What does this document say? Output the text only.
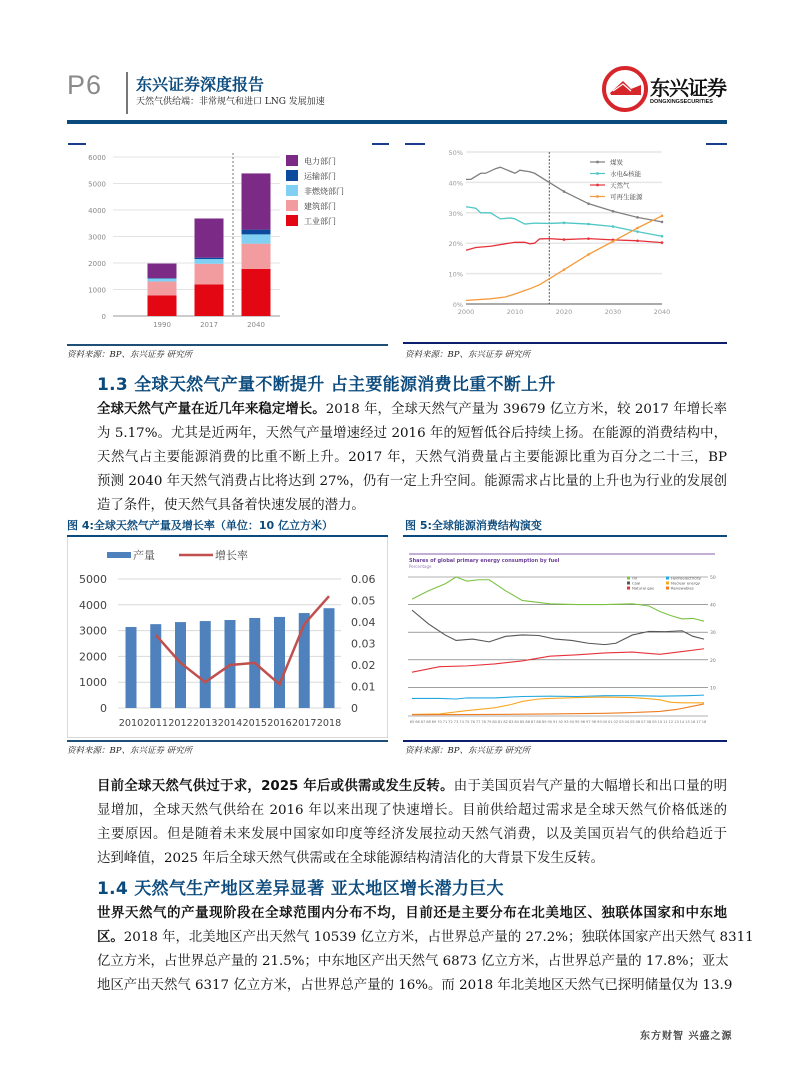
P6 东兴证券深度报告
天然气供给端：非常规气和进口 LNG 发展加速
东兴证券
DONGXINGSECURITIES
0
1000
2000
3000
4000
5000
6000
1990	2017	2040
电力部门
运输部门
非燃烧部门
建筑部门
工业部门
0%
10%
20%
30%
40%
50%
2000	2010	2020	2030	2040
煤炭
水电&核能
天然气
可再生能源
资料来源：BP、东兴证券 研究所	资料来源：BP、东兴证券 研究所
1.3 全球天然气产量不断提升 占主要能源消费比重不断上升
全球天然气产量在近几年来稳定增长。2018 年，全球天然气产量为 39679 亿立方米，较 2017 年增长率
为 5.17%。尤其是近两年，天然气产量增速经过 2016 年的短暂低谷后持续上扬。在能源的消费结构中，
天然气占主要能源消费的比重不断上升。2017 年，天然气消费量占主要能源比重为百分之二十三，BP
预测 2040 年天然气消费占比将达到 27%，仍有一定上升空间。能源需求占比量的上升也为行业的发展创
造了条件，使天然气具备着快速发展的潜力。
图 4:全球天然气产量及增长率（单位：10 亿立方米）	图 5:全球能源消费结构演变
0
1000
2000
3000
4000
5000
0
0.01
0.02
0.03
0.04
0.05
0.06
2010 2011 2012 2013 2014 2015 2016 2017 2018
产量	增长率	Shares of global primary energy consumption by fuel
Percentage
10
20
30
40
50
65 66 67 68 69 70 71 72 73 74 75 76 77 78 79 80 81 82 83 84 85 86 87 88 89 90 91 92 93 94 95 96 97 98 99 00 01 02 03 04 05 06 07 08 09 10 11 12 13 14 15 16 17 18
Oil
Coal
Natural gas
Hydroelectricity
Nuclear energy
Renewables
资料来源：BP、东兴证券 研究所	资料来源：BP、东兴证券 研究所
目前全球天然气供过于求，2025 年后或供需或发生反转。由于美国页岩气产量的大幅增长和出口量的明
显增加，全球天然气供给在 2016 年以来出现了快速增长。目前供给超过需求是全球天然气价格低迷的
主要原因。但是随着未来发展中国家如印度等经济发展拉动天然气消费，以及美国页岩气的供给趋近于
达到峰值，2025 年后全球天然气供需或在全球能源结构清洁化的大背景下发生反转。
1.4 天然气生产地区差异显著 亚太地区增长潜力巨大
世界天然气的产量现阶段在全球范围内分布不均，目前还是主要分布在北美地区、独联体国家和中东地
区。2018 年，北美地区产出天然气 10539 亿立方米，占世界总产量的 27.2%；独联体国家产出天然气 8311
亿立方米，占世界总产量的 21.5%；中东地区产出天然气 6873 亿立方米，占世界总产量的 17.8%；亚太
地区产出天然气 6317 亿立方米，占世界总产量的 16%。而 2018 年北美地区天然气已探明储量仅为 13.9
东方财智 兴盛之源
